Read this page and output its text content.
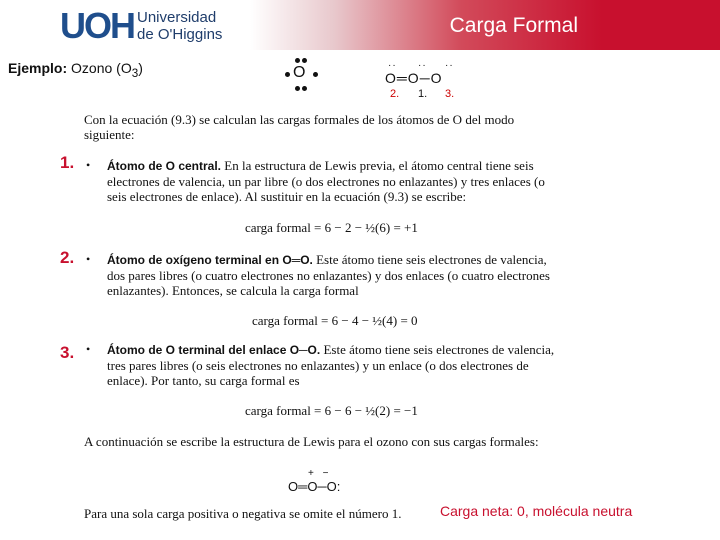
UOH Universidad
de O'Higgins	Carga Formal
Ejemplo: Ozono $(O_3)$	O	·· ·· ··
O═O─O
2. 1. 3.
Con la ecuación (9.3) se calculan las cargas formales de los átomos de O del modo siguiente:
1. • Átomo de O central. En la estructura de Lewis previa, el átomo central tiene seis electrones de valencia, un par libre (o dos electrones no enlazantes) y tres enlaces (o seis electrones de enlace). Al sustituir en la ecuación (9.3) se escribe:
carga formal = 6 − 2 − ½(6) = +1
2. • Átomo de oxígeno terminal en O═O. Este átomo tiene seis electrones de valencia, dos pares libres (o cuatro electrones no enlazantes) y dos enlaces (o cuatro electrones enlazantes). Entonces, se calcula la carga formal
carga formal = 6 − 4 − ½(4) = 0
3. • Átomo de O terminal del enlace O─O. Este átomo tiene seis electrones de valencia, tres pares libres (o seis electrones no enlazantes) y un enlace (o dos electrones de enlace). Por tanto, su carga formal es
carga formal = 6 − 6 − ½(2) = −1
A continuación se escribe la estructura de Lewis para el ozono con sus cargas formales:
+ −
O═O─O:
Para una sola carga positiva o negativa se omite el número 1.	Carga neta: 0, molécula neutra
